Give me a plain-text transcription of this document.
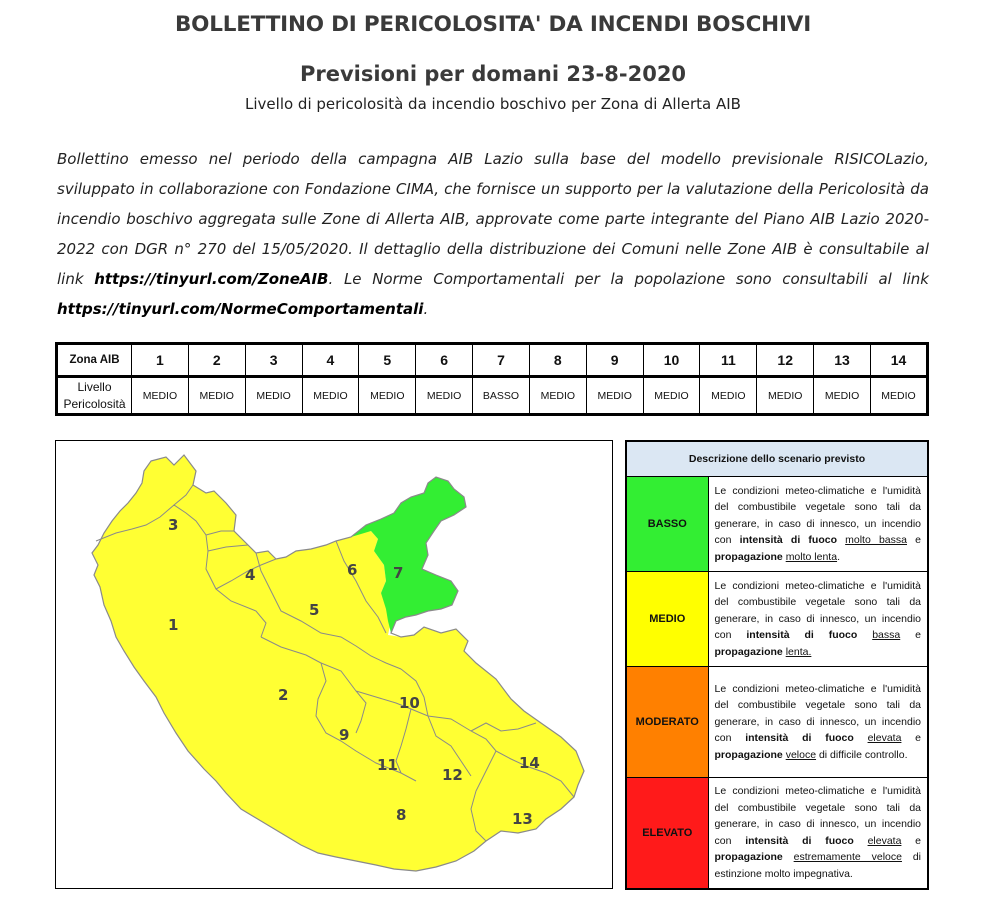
BOLLETTINO DI PERICOLOSITA' DA INCENDI BOSCHIVI
Previsioni per domani 23-8-2020
Livello di pericolosità da incendio boschivo per Zona di Allerta AIB
Bollettino emesso nel periodo della campagna AIB Lazio sulla base del modello previsionale RISICOLazio, sviluppato in collaborazione con Fondazione CIMA, che fornisce un supporto per la valutazione della Pericolosità da incendio boschivo aggregata sulle Zone di Allerta AIB, approvate come parte integrante del Piano AIB Lazio 2020-2022 con DGR n° 270 del 15/05/2020. Il dettaglio della distribuzione dei Comuni nelle Zone AIB è consultabile al link https://tinyurl.com/ZoneAIB. Le Norme Comportamentali per la popolazione sono consultabili al link https://tinyurl.com/NormeComportamentali.
Zona AIB	1	2	3	4	5	6	7	8	9	10	11	12	13	14
Livello Pericolosità	MEDIO	MEDIO	MEDIO	MEDIO	MEDIO	MEDIO	BASSO	MEDIO	MEDIO	MEDIO	MEDIO	MEDIO	MEDIO	MEDIO
1
2
3
4
5
6 7
8
9
10
11
12
13
14
Descrizione dello scenario previsto	
BASSO	Le condizioni meteo-climatiche e l'umidità del combustibile vegetale sono tali da generare, in caso di innesco, un incendio con intensità di fuoco molto bassa e propagazione molto lenta.
MEDIO	Le condizioni meteo-climatiche e l'umidità del combustibile vegetale sono tali da generare, in caso di innesco, un incendio con intensità di fuoco bassa e propagazione lenta.
MODERATO	Le condizioni meteo-climatiche e l'umidità del combustibile vegetale sono tali da generare, in caso di innesco, un incendio con intensità di fuoco elevata e propagazione veloce di difficile controllo.
ELEVATO	Le condizioni meteo-climatiche e l'umidità del combustibile vegetale sono tali da generare, in caso di innesco, un incendio con intensità di fuoco elevata e propagazione estremamente veloce di estinzione molto impegnativa.
